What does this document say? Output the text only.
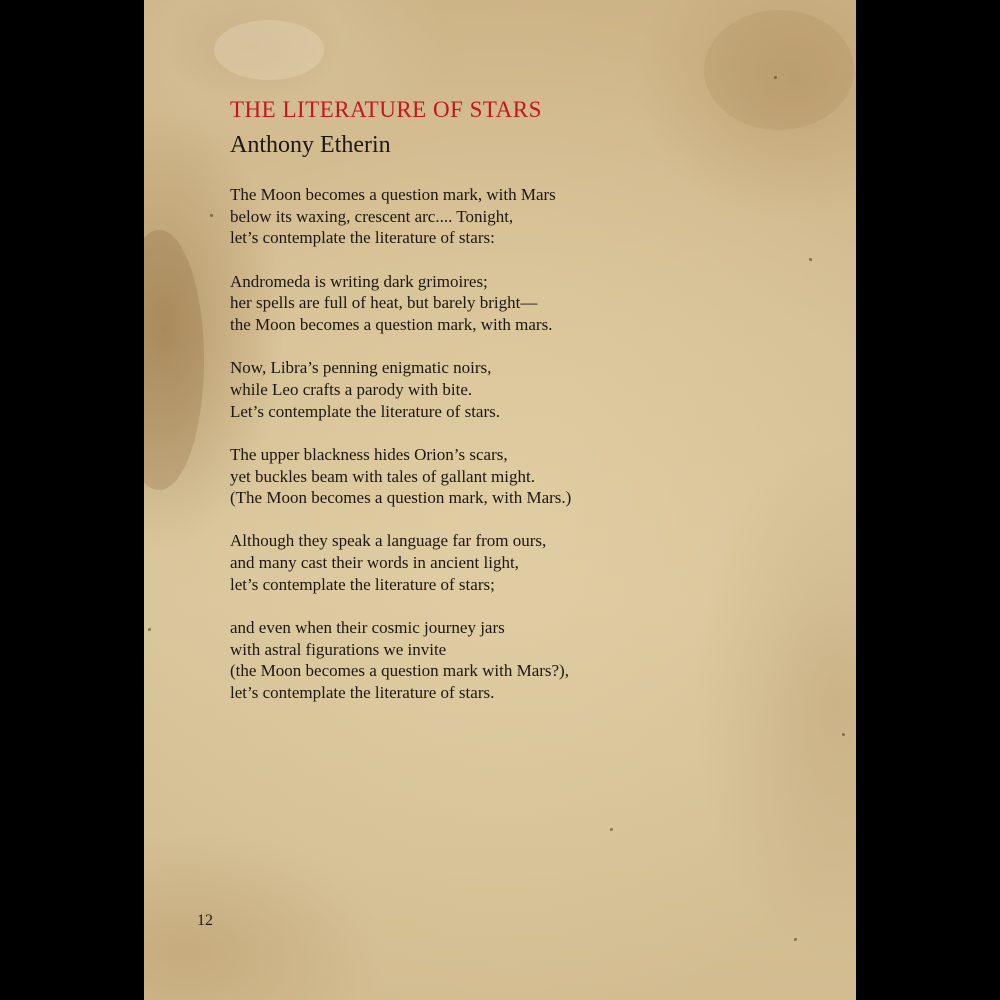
THE LITERATURE OF STARS
Anthony Etherin
The Moon becomes a question mark, with Mars
below its waxing, crescent arc.... Tonight,
let’s contemplate the literature of stars:
Andromeda is writing dark grimoires;
her spells are full of heat, but barely bright—
the Moon becomes a question mark, with mars.
Now, Libra’s penning enigmatic noirs,
while Leo crafts a parody with bite.
Let’s contemplate the literature of stars.
The upper blackness hides Orion’s scars,
yet buckles beam with tales of gallant might.
(The Moon becomes a question mark, with Mars.)
Although they speak a language far from ours,
and many cast their words in ancient light,
let’s contemplate the literature of stars;
and even when their cosmic journey jars
with astral figurations we invite
(the Moon becomes a question mark with Mars?),
let’s contemplate the literature of stars.
12
